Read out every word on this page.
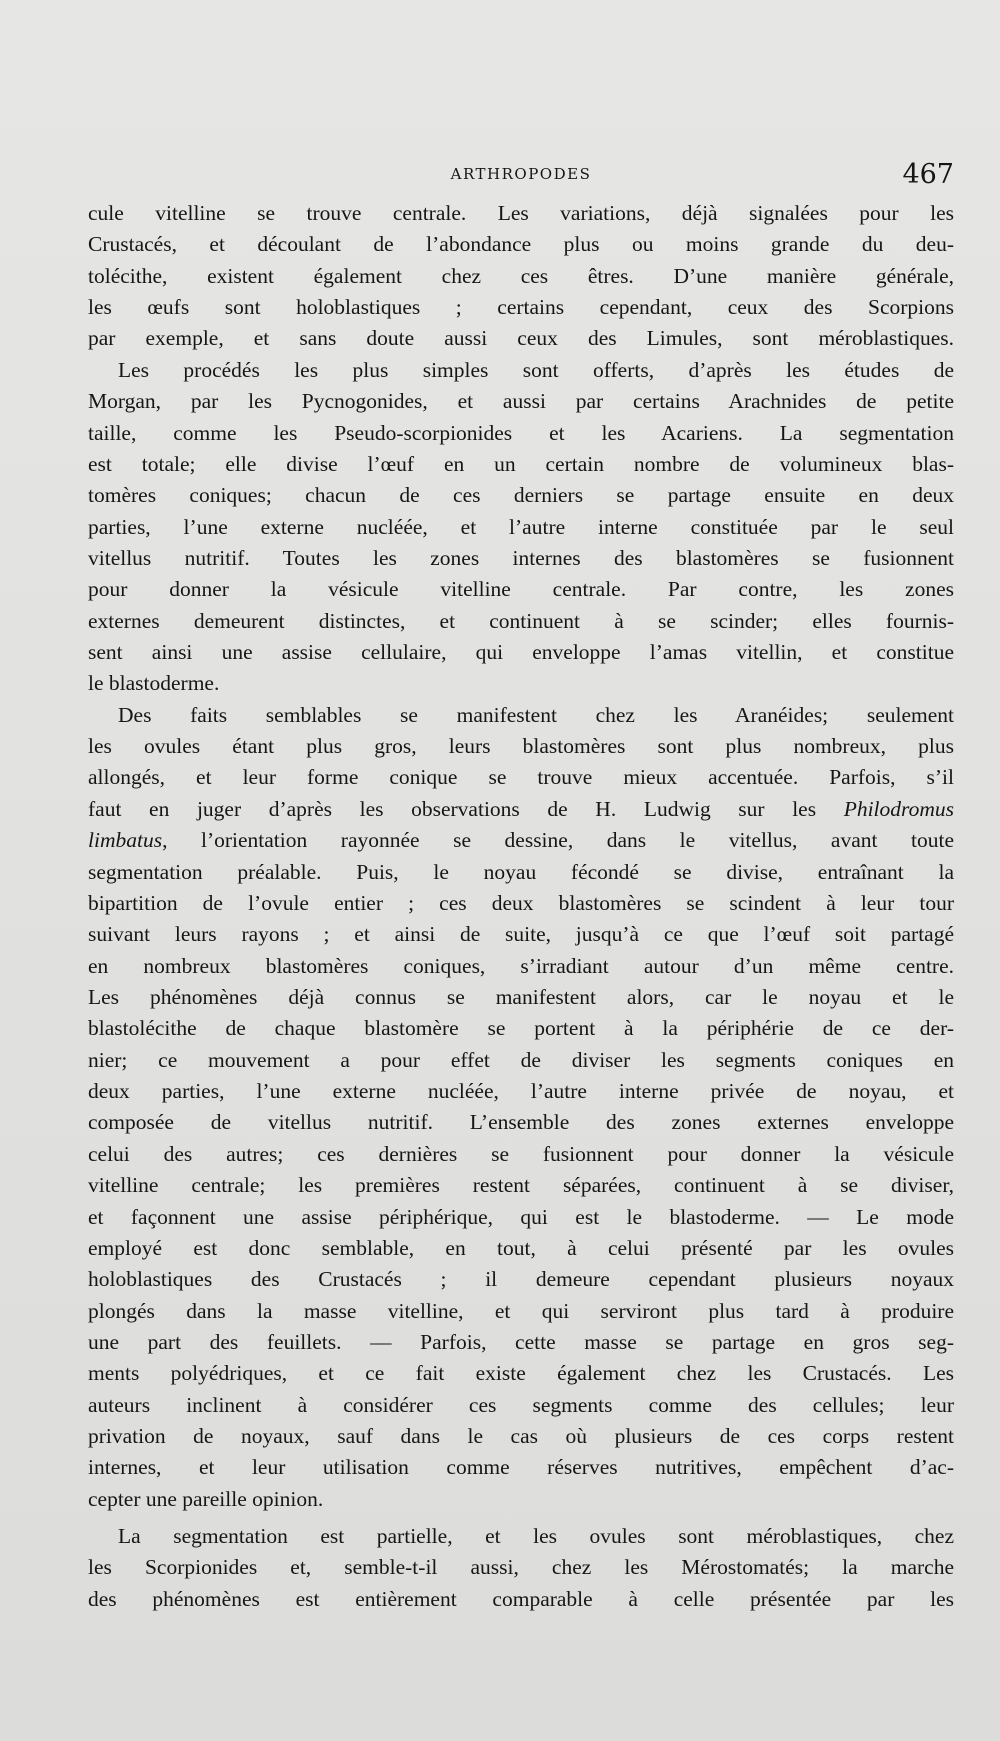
ARTHROPODES	467
cule vitelline se trouve centrale. Les variations, déjà signalées pour les
Crustacés, et découlant de l’abondance plus ou moins grande du deu-
tolécithe, existent également chez ces êtres. D’une manière générale,
les œufs sont holoblastiques ; certains cependant, ceux des Scorpions
par exemple, et sans doute aussi ceux des Limules, sont méroblastiques.
Les procédés les plus simples sont offerts, d’après les études de
Morgan, par les Pycnogonides, et aussi par certains Arachnides de petite
taille, comme les Pseudo-scorpionides et les Acariens. La segmentation
est totale; elle divise l’œuf en un certain nombre de volumineux blas-
tomères coniques; chacun de ces derniers se partage ensuite en deux
parties, l’une externe nucléée, et l’autre interne constituée par le seul
vitellus nutritif. Toutes les zones internes des blastomères se fusionnent
pour donner la vésicule vitelline centrale. Par contre, les zones
externes demeurent distinctes, et continuent à se scinder; elles fournis-
sent ainsi une assise cellulaire, qui enveloppe l’amas vitellin, et constitue
le blastoderme.
Des faits semblables se manifestent chez les Aranéides; seulement
les ovules étant plus gros, leurs blastomères sont plus nombreux, plus
allongés, et leur forme conique se trouve mieux accentuée. Parfois, s’il
faut en juger d’après les observations de H. Ludwig sur les Philodromus
limbatus, l’orientation rayonnée se dessine, dans le vitellus, avant toute
segmentation préalable. Puis, le noyau fécondé se divise, entraînant la
bipartition de l’ovule entier ; ces deux blastomères se scindent à leur tour
suivant leurs rayons ; et ainsi de suite, jusqu’à ce que l’œuf soit partagé
en nombreux blastomères coniques, s’irradiant autour d’un même centre.
Les phénomènes déjà connus se manifestent alors, car le noyau et le
blastolécithe de chaque blastomère se portent à la périphérie de ce der-
nier; ce mouvement a pour effet de diviser les segments coniques en
deux parties, l’une externe nucléée, l’autre interne privée de noyau, et
composée de vitellus nutritif. L’ensemble des zones externes enveloppe
celui des autres; ces dernières se fusionnent pour donner la vésicule
vitelline centrale; les premières restent séparées, continuent à se diviser,
et façonnent une assise périphérique, qui est le blastoderme. — Le mode
employé est donc semblable, en tout, à celui présenté par les ovules
holoblastiques des Crustacés ; il demeure cependant plusieurs noyaux
plongés dans la masse vitelline, et qui serviront plus tard à produire
une part des feuillets. — Parfois, cette masse se partage en gros seg-
ments polyédriques, et ce fait existe également chez les Crustacés. Les
auteurs inclinent à considérer ces segments comme des cellules; leur
privation de noyaux, sauf dans le cas où plusieurs de ces corps restent
internes, et leur utilisation comme réserves nutritives, empêchent d’ac-
cepter une pareille opinion.
La segmentation est partielle, et les ovules sont méroblastiques, chez
les Scorpionides et, semble-t-il aussi, chez les Mérostomatés; la marche
des phénomènes est entièrement comparable à celle présentée par les
